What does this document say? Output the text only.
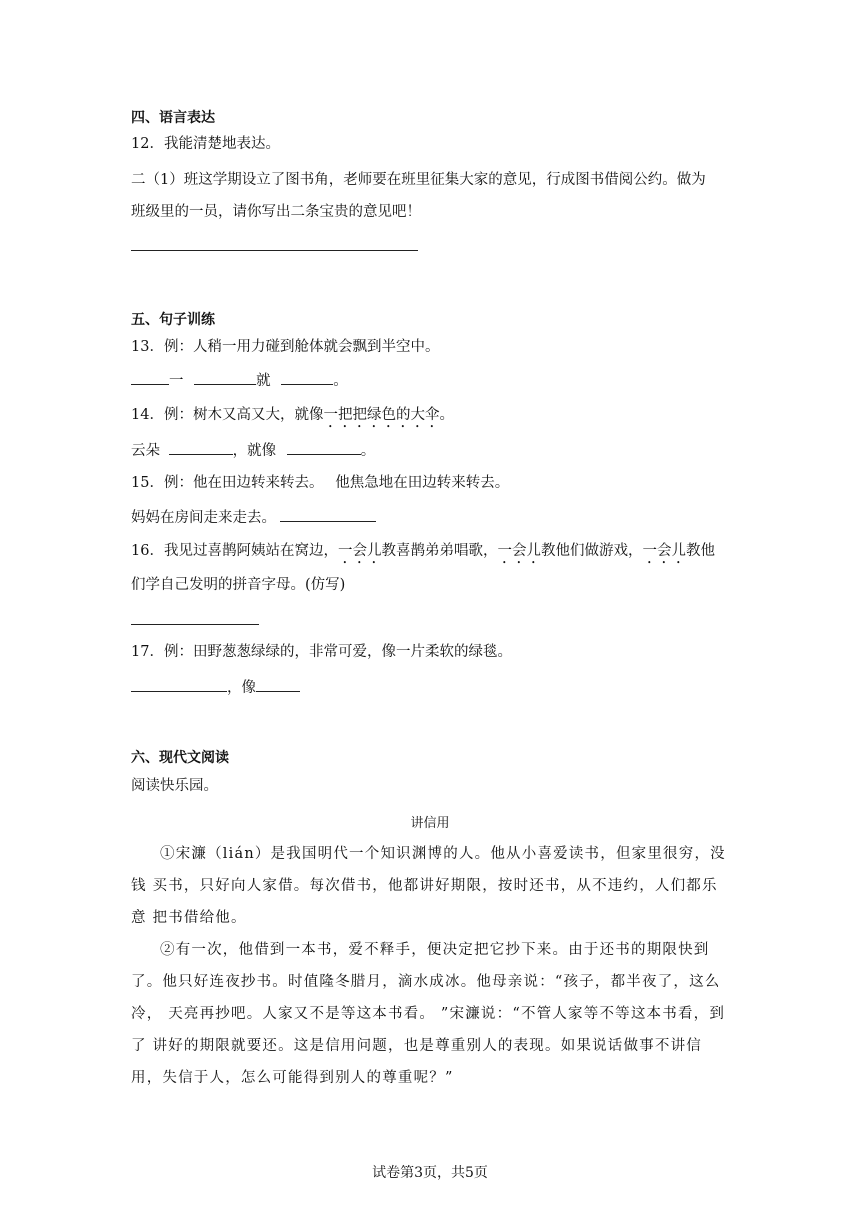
四、语言表达
12．我能清楚地表达。
二（1）班这学期设立了图书角，老师要在班里征集大家的意见，行成图书借阅公约。做为
班级里的一员，请你写出二条宝贵的意见吧！
五、句子训练
13．例：人稍一用力碰到舱体就会飘到半空中。
一	就	。
14．例：树木又高又大，就像一把把绿色的大伞。
云朵	，就像	。
15．例：他在田边转来转去。　 他焦急地在田边转来转去。
妈妈在房间走来走去。
16．我见过喜鹊阿姨站在窝边，一会儿教喜鹊弟弟唱歌，一会儿教他们做游戏，一会儿教他
们学自己发明的拼音字母。(仿写)
17．例：田野葱葱绿绿的，非常可爱，像一片柔软的绿毯。
，像
六、现代文阅读
阅读快乐园。
讲信用

①宋濂（lián）是我国明代一个知识渊博的人。他从小喜爱读书，但家里很穷，没钱 买书，只好向人家借。每次借书，他都讲好期限，按时还书，从不违约，人们都乐意 把书借给他。

②有一次，他借到一本书，爱不释手，便决定把它抄下来。由于还书的期限快到了。他只好连夜抄书。时值隆冬腊月，滴水成冰。他母亲说：“孩子，都半夜了，这么冷， 天亮再抄吧。人家又不是等这本书看。 ”宋濂说：“不管人家等不等这本书看，到了 讲好的期限就要还。这是信用问题，也是尊重别人的表现。如果说话做事不讲信用，失信于人，怎么可能得到别人的尊重呢？”

试卷第3页，共5页
